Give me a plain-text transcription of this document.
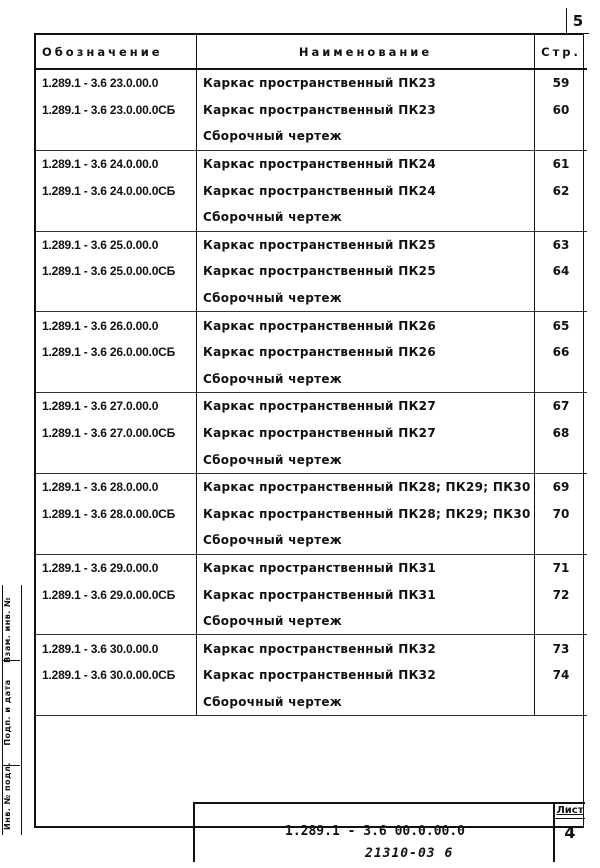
5
Обозначение	Наименование	Стр.
1.289.1 - 3.6 23.0.00.0	Каркас пространственный ПК23	59
1.289.1 - 3.6 23.0.00.0СБ	Каркас пространственный ПК23	60
	Сборочный чертеж	
1.289.1 - 3.6 24.0.00.0	Каркас пространственный ПК24	61
1.289.1 - 3.6 24.0.00.0СБ	Каркас пространственный ПК24	62
	Сборочный чертеж	
1.289.1 - 3.6 25.0.00.0	Каркас пространственный ПК25	63
1.289.1 - 3.6 25.0.00.0СБ	Каркас пространственный ПК25	64
	Сборочный чертеж	
1.289.1 - 3.6 26.0.00.0	Каркас пространственный ПК26	65
1.289.1 - 3.6 26.0.00.0СБ	Каркас пространственный ПК26	66
	Сборочный чертеж	
1.289.1 - 3.6 27.0.00.0	Каркас пространственный ПК27	67
1.289.1 - 3.6 27.0.00.0СБ	Каркас пространственный ПК27	68
	Сборочный чертеж	
1.289.1 - 3.6 28.0.00.0	Каркас пространственный ПК28; ПК29; ПК30	69
1.289.1 - 3.6 28.0.00.0СБ	Каркас пространственный ПК28; ПК29; ПК30	70
	Сборочный чертеж	
1.289.1 - 3.6 29.0.00.0	Каркас пространственный ПК31	71
1.289.1 - 3.6 29.0.00.0СБ	Каркас пространственный ПК31	72
	Сборочный чертеж	
1.289.1 - 3.6 30.0.00.0	Каркас пространственный ПК32	73
1.289.1 - 3.6 30.0.00.0СБ	Каркас пространственный ПК32	74
	Сборочный чертеж	
1.289.1 - 3.6 00.0.00.0
Лист
4
Инв. № подл.     Подп. и дата     Взам. инв. №
21310-03 6
